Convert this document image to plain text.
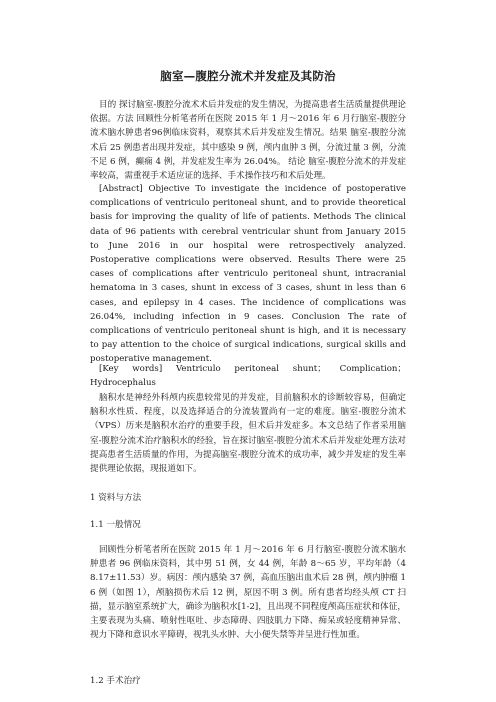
脑室—腹腔分流术并发症及其防治

目的 探讨脑室-腹腔分流术术后并发症的发生情况，为提高患者生活质量提供理论依据。方法 回顾性分析笔者所在医院 2015 年 1 月～2016 年 6 月行脑室-腹腔分流术脑水肿患者96例临床资料，观察其术后并发症发生情况。结果 脑室-腹腔分流术后 25 例患者出现并发症，其中感染 9 例，颅内血肿 3 例，分流过量 3 例，分流不足 6 例，癫痫 4 例，并发症发生率为 26.04%。 结论 脑室-腹腔分流术的并发症率较高，需重视手术适应证的选择、手术操作技巧和术后处理。

[Abstract] Objective To investigate the incidence of postoperative complications of ventriculo peritoneal shunt, and to provide theoretical basis for improving the quality of life of patients. Methods The clinical data of 96 patients with cerebral ventricular shunt from January 2015 to June 2016 in our hospital were retrospectively analyzed. Postoperative complications were observed. Results There were 25 cases of complications after ventriculo peritoneal shunt, intracranial hematoma in 3 cases, shunt in excess of 3 cases, shunt in less than 6 cases, and epilepsy in 4 cases. The incidence of complications was 26.04%, including infection in 9 cases. Conclusion The rate of complications of ventriculo peritoneal shunt is high, and it is necessary to pay attention to the choice of surgical indications, surgical skills and postoperative management.

[Key words] Ventriculo peritoneal shunt； Complication； Hydrocephalus

脑积水是神经外科颅内疾患较常见的并发症，目前脑积水的诊断较容易，但确定脑积水性质、程度，以及选择适合的分流装置尚有一定的难度。脑室-腹腔分流术（VPS）历来是脑积水治疗的重要手段，但术后并发症多。本文总结了作者采用脑室-腹腔分流术治疗脑积水的经验，旨在探讨脑室-腹腔分流术术后并发症处理方法对提高患者生活质量的作用，为提高脑室-腹腔分流术的成功率，减少并发症的发生率提供理论依据，现报道如下。

1 资料与方法

1.1 一般情况

回顾性分析笔者所在医院 2015 年 1 月～2016 年 6 月行脑室-腹腔分流术脑水肿患者 96 例临床资料，其中男 51 例，女 44 例，年龄 8～65 岁，平均年龄（48.17±11.53）岁。病因：颅内感染 37 例，高血压脑出血术后 28 例，颅内肿瘤 16 例（如图 1），颅脑损伤术后 12 例，原因不明 3 例。所有患者均经头颅 CT 扫描，显示脑室系统扩大，确诊为脑积水[1-2]，且出现不同程度颅高压症状和体征，主要表现为头痛、喷射性呕吐、步态障碍、四肢肌力下降、痴呆或轻度精神异常、视力下降和意识水平障碍，视乳头水肿、大小便失禁等并呈进行性加重。

1.2 手术治疗
